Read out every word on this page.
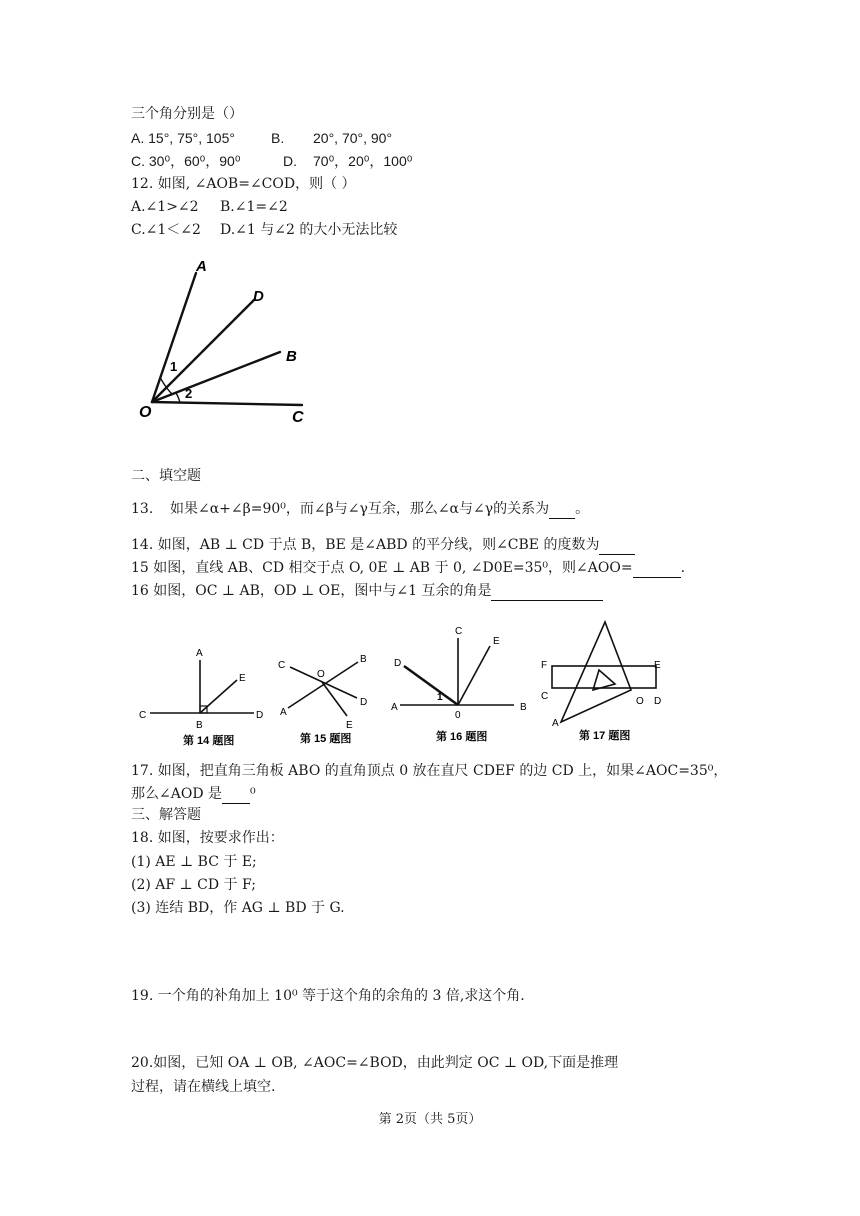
三个角分别是（）
A. 15°, 75°, 105°	B. 20°, 70°, 90°
C. 30⁰，60⁰，90⁰	D. 70⁰，20⁰，100⁰
12. 如图, ∠AOB=∠COD，则（ ）
A.∠1>∠2 B.∠1=∠2
C.∠1＜∠2 D.∠1 与∠2 的大小无法比较
A
D
B
O	C
1
2
二、填空题
13. 如果∠α+∠β=90⁰，而∠β与∠γ互余，那么∠α与∠γ的关系为 。
14. 如图，AB ⊥ CD 于点 B，BE 是∠ABD 的平分线，则∠CBE 的度数为
15 如图，直线 AB、CD 相交于点 O, 0E ⊥ AB 于 0, ∠D0E=35⁰，则∠AOO=	.
16 如图，OC ⊥ AB，OD ⊥ OE，图中与∠1 互余的角是
A
E
C
B
D
第 14 题图
C
O
B
A
D
E
第 15 题图
C
E
D
1
A
0
B
第 16 题图
F	E
C	O D
A
第 17 题图
17. 如图，把直角三角板 ABO 的直角顶点 0 放在直尺 CDEF 的边 CD 上，如果∠AOC=35⁰，
那么∠AOD 是 ⁰
三、解答题
18. 如图，按要求作出：
(1) AE ⊥ BC 于 E;
(2) AF ⊥ CD 于 F;
(3) 连结 BD，作 AG ⊥ BD 于 G.
19. 一个角的补角加上 10⁰ 等于这个角的余角的 3 倍,求这个角.
20.如图，已知 OA ⊥ OB, ∠AOC=∠BOD，由此判定 OC ⊥ OD,下面是推理
过程，请在横线上填空.
第 2页（共 5页）
